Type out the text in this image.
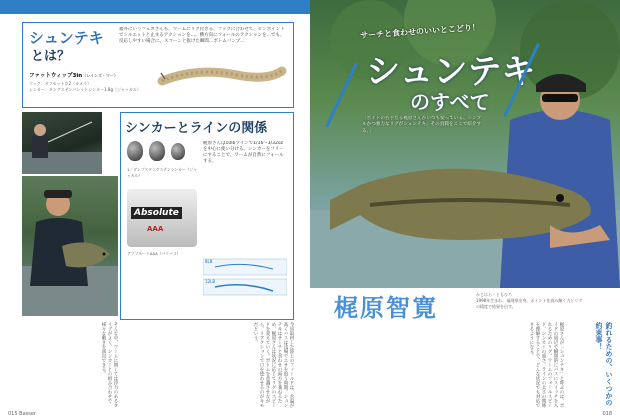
シュンテキ
とは？
福井にいうフェカさんも、ワームにリグ付きる、フックに合わせて、ピンポイントでシルエットと止まるアクションを…。横方向にフォールのアクションを…でも、反応しやすい場合に、スコーンと抜けた瞬間…ボトムバンプ…
ファットウィップ3in（レインズ・マー）
フック：オフセット＃2（カメラ）
シンカー：タングステンバレットシンカー1.8g（ジャッカル）
シンカーとラインの関係
1／ダンプスタングステンシンカー（ジャッカル）
梶原さんは10lbラインで1/16〜3/32ozを中心に使い分ける。シンカーをフリーにすることで、ワームが自然にフォールする。
Absolute
AAA
アブソルートAAA（バリバス）
8LB
12LB
今回取材した陸上のフィールドは、水温が高くバスは浅場でエサを追う時期。シュンテキはサーチと食わせの両方を兼ねるため、梶原さんは状況に応じてリグのスピードを変えていく。ボトムを意識させながら、リアクションで口を使わせるのがキモだという。
そんな中、ワームに関しては浮力のあるタイプがよく、シンカーとの組み合わせで様々な動きを演出できる。
015 Basser
サーチと食わせのいいとこどり！
シュンテキ
のすべて
「ボイドの名手たる梶原さんがいつも使っている、シンプルかつ強力なリグがシュンテキ。その真髄をここで紹介する。」
梶原智寛	かじはら・ともひろ
1998年生まれ、福岡県出身。ポイントを読み解く力とリグの精度で結果を出す。
梶原さんが「シュンテキ」と呼ぶのは、ボイドの周辺で瞬間的にバスにスイッチを入れるためのリグ。ワームのフォールスピード、シンカーの重さ、ラインの太さの関係を理解することで、どんな状況でも対応できるようになる。	釣れるための、いくつかの約束事！
018
